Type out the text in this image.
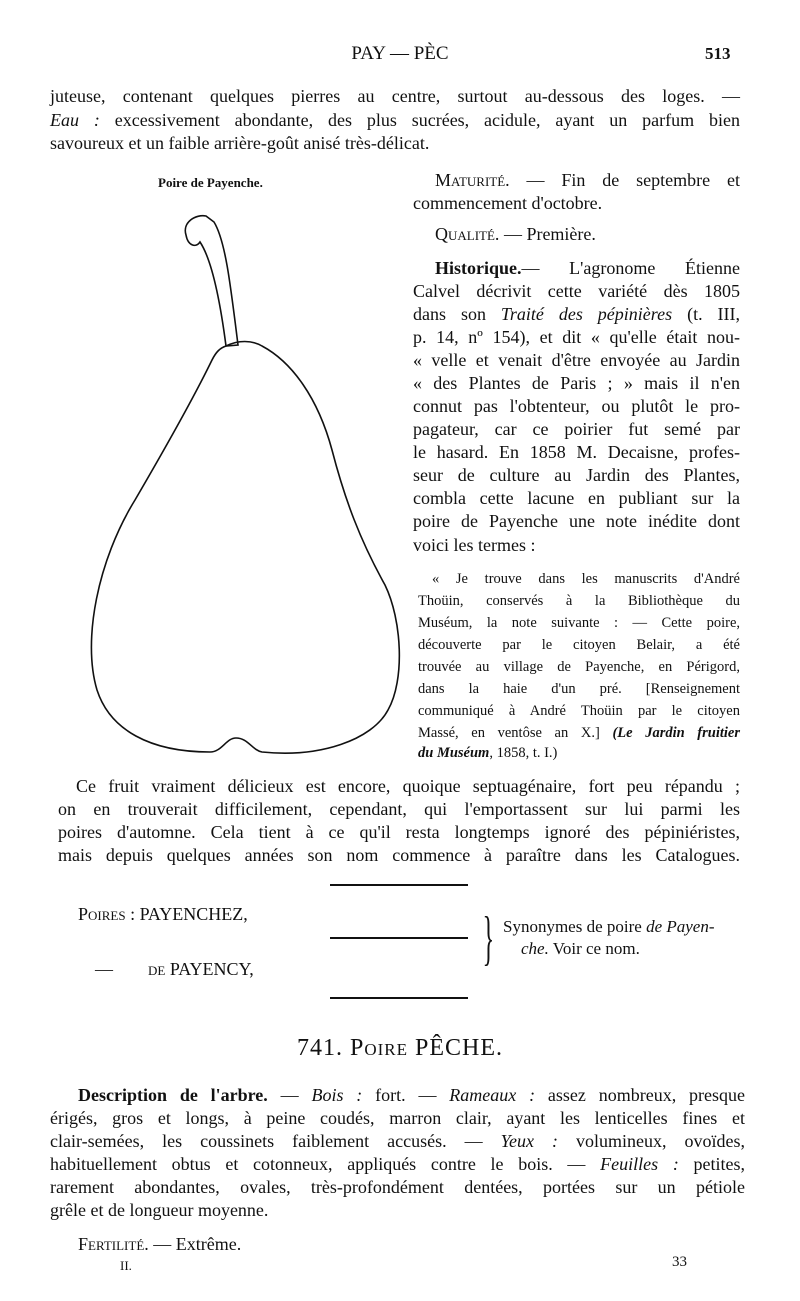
PAY — PÈC	513
juteuse, contenant quelques pierres au centre, surtout au-dessous des loges. —
Eau : excessivement abondante, des plus sucrées, acidule, ayant un parfum bien
savoureux et un faible arrière-goût anisé très-délicat.
Poire de Payenche.	Maturité. — Fin de septembre et
commencement d'octobre.
Qualité. — Première.
Historique.— L'agronome Étienne
Calvel décrivit cette variété dès 1805
dans son Traité des pépinières (t. III,
p. 14, nº 154), et dit « qu'elle était nou-
« velle et venait d'être envoyée au Jardin
« des Plantes de Paris ; » mais il n'en
connut pas l'obtenteur, ou plutôt le pro-
pagateur, car ce poirier fut semé par
le hasard. En 1858 M. Decaisne, profes-
seur de culture au Jardin des Plantes,
combla cette lacune en publiant sur la
poire de Payenche une note inédite dont
voici les termes :
« Je trouve dans les manuscrits d'André
Thoüin, conservés à la Bibliothèque du
Muséum, la note suivante : — Cette poire,
découverte par le citoyen Belair, a été
trouvée au village de Payenche, en Périgord,
dans la haie d'un pré. [Renseignement
communiqué à André Thoüin par le citoyen
Massé, en ventôse an X.] (Le Jardin fruitier
du Muséum, 1858, t. I.)
Ce fruit vraiment délicieux est encore, quoique septuagénaire, fort peu répandu ;
on en trouverait difficilement, cependant, qui l'emportassent sur lui parmi les
poires d'automne. Cela tient à ce qu'il resta longtemps ignoré des pépiniéristes,
mais depuis quelques années son nom commence à paraître dans les Catalogues.
Poires : PAYENCHEZ,
— de PAYENCY,	} Synonymes de poire de Payen-
che. Voir ce nom.
741. Poire PÊCHE.
Description de l'arbre. — Bois : fort. — Rameaux : assez nombreux, presque
érigés, gros et longs, à peine coudés, marron clair, ayant les lenticelles fines et
clair-semées, les coussinets faiblement accusés. — Yeux : volumineux, ovoïdes,
habituellement obtus et cotonneux, appliqués contre le bois. — Feuilles : petites,
rarement abondantes, ovales, très-profondément dentées, portées sur un pétiole
grêle et de longueur moyenne.
Fertilité. — Extrême.
II.	33
